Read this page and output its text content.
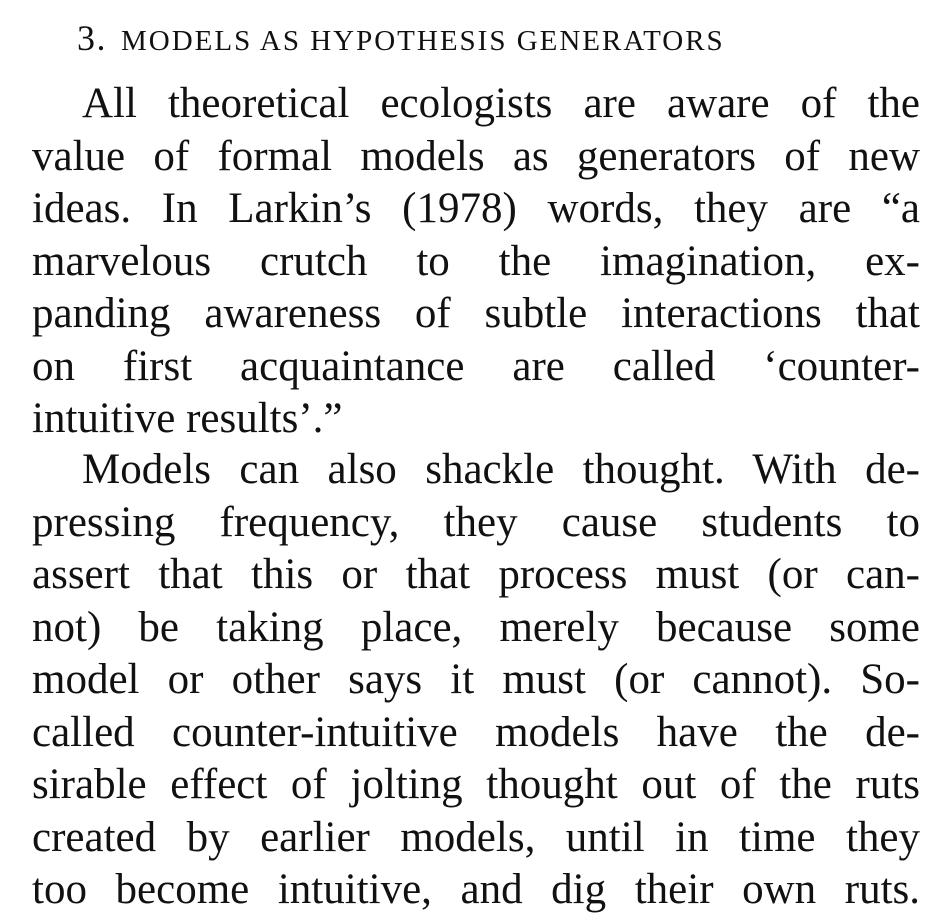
3. MODELS AS HYPOTHESIS GENERATORS
All theoretical ecologists are aware of the
value of formal models as generators of new
ideas. In Larkin’s (1978) words, they are “a
marvelous crutch to the imagination, ex-
panding awareness of subtle interactions that
on first acquaintance are called ‘counter-
intuitive results’.”
Models can also shackle thought. With de-
pressing frequency, they cause students to
assert that this or that process must (or can-
not) be taking place, merely because some
model or other says it must (or cannot). So-
called counter-intuitive models have the de-
sirable effect of jolting thought out of the ruts
created by earlier models, until in time they
too become intuitive, and dig their own ruts.
